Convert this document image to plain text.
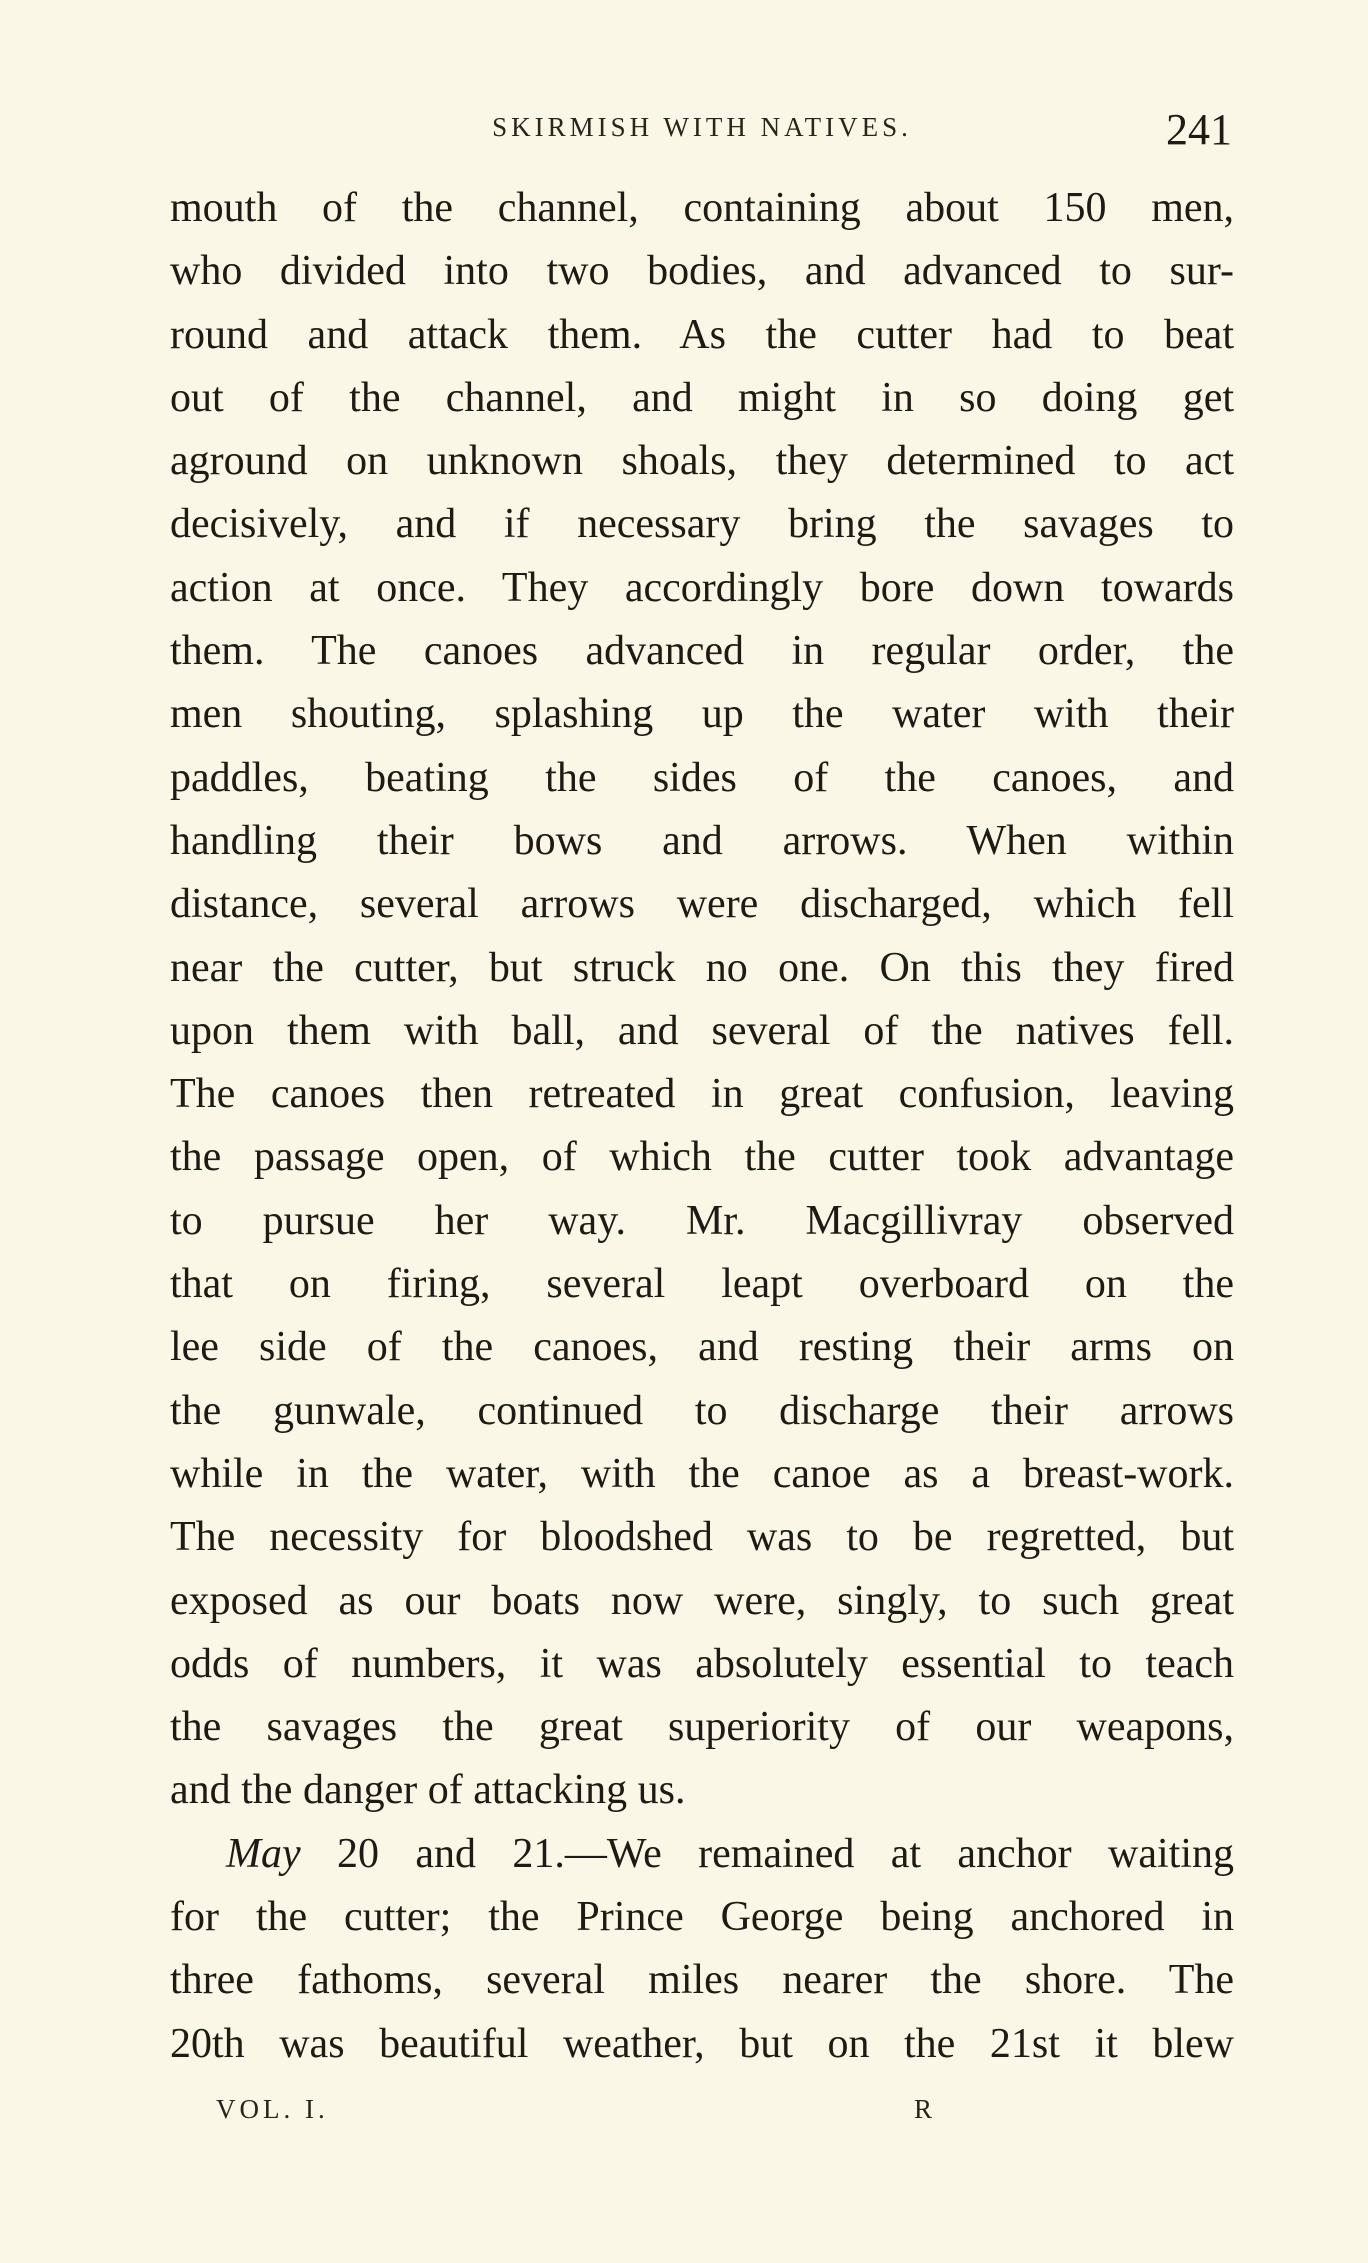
SKIRMISH WITH NATIVES.	241
mouth of the channel, containing about 150 men,
who divided into two bodies, and advanced to sur-
round and attack them. As the cutter had to beat
out of the channel, and might in so doing get
aground on unknown shoals, they determined to act
decisively, and if necessary bring the savages to
action at once. They accordingly bore down towards
them. The canoes advanced in regular order, the
men shouting, splashing up the water with their
paddles, beating the sides of the canoes, and
handling their bows and arrows. When within
distance, several arrows were discharged, which fell
near the cutter, but struck no one. On this they fired
upon them with ball, and several of the natives fell.
The canoes then retreated in great confusion, leaving
the passage open, of which the cutter took advantage
to pursue her way. Mr. Macgillivray observed
that on firing, several leapt overboard on the
lee side of the canoes, and resting their arms on
the gunwale, continued to discharge their arrows
while in the water, with the canoe as a breast-work.
The necessity for bloodshed was to be regretted, but
exposed as our boats now were, singly, to such great
odds of numbers, it was absolutely essential to teach
the savages the great superiority of our weapons,
and the danger of attacking us.
May 20 and 21.—We remained at anchor waiting
for the cutter; the Prince George being anchored in
three fathoms, several miles nearer the shore. The
20th was beautiful weather, but on the 21st it blew
VOL. I.	R
